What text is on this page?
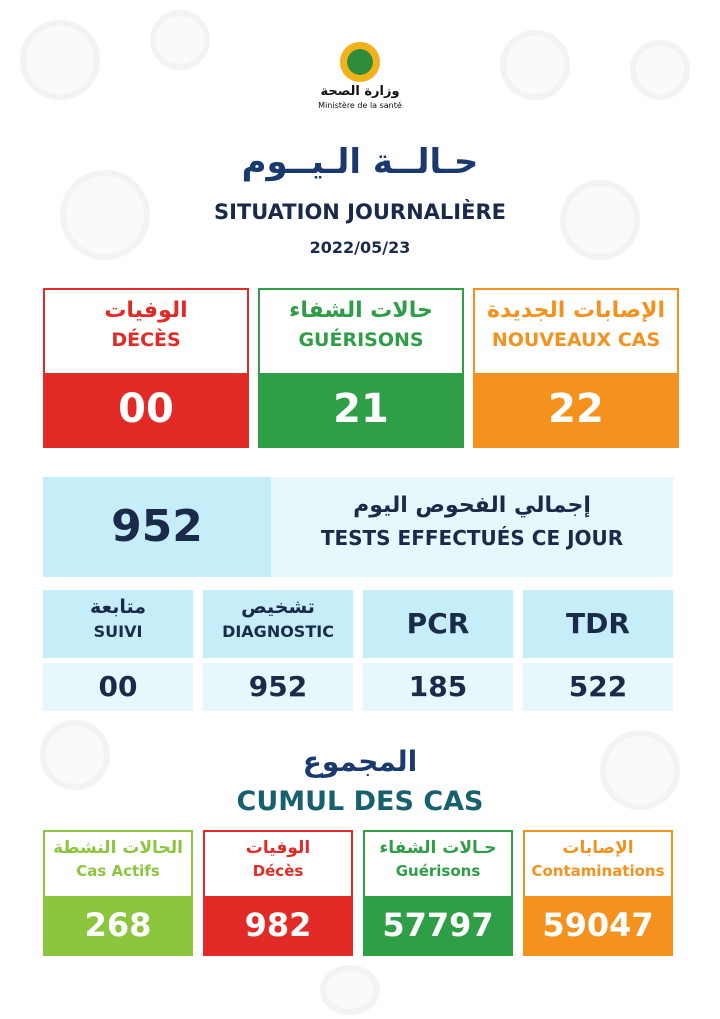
وزارة الصحة
Ministère de la santé
حـالــة الـيــوم
SITUATION JOURNALIÈRE
2022/05/23
الوفيات
DÉCÈS
00
حالات الشفاء
GUÉRISONS
21
الإصابات الجديدة
NOUVEAUX CAS
22
952	إجمالي الفحوص اليوم
TESTS EFFECTUÉS CE JOUR
متابعة
SUIVI
00
تشخيص
DIAGNOSTIC
952
PCR
185
TDR
522
المجموع
CUMUL DES CAS
الحالات النشطة
Cas Actifs
268
الوفيات
Décès
982
حـالات الشفاء
Guérisons
57797
الإصابات
Contaminations
59047
